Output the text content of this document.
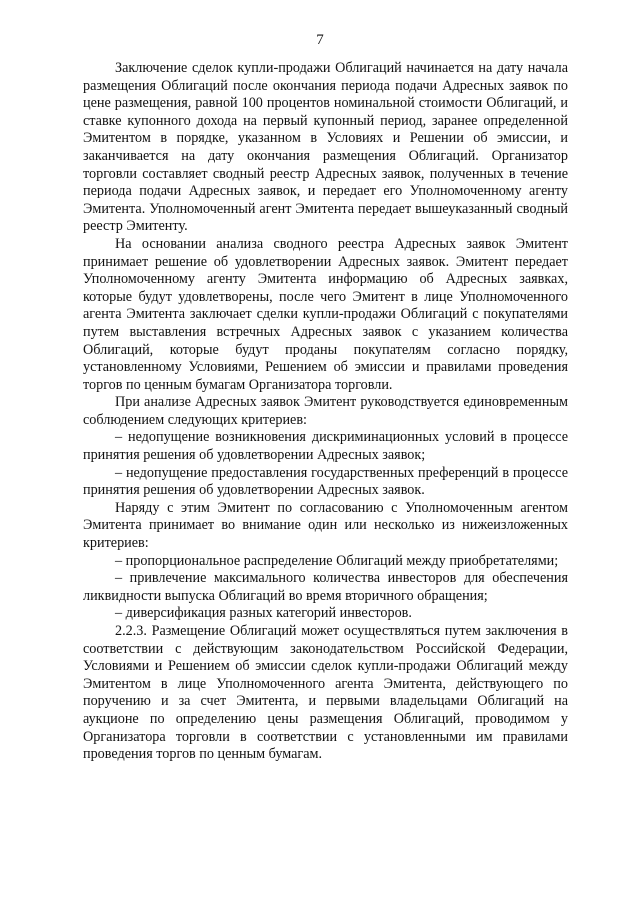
7

Заключение сделок купли-продажи Облигаций начинается на дату начала размещения Облигаций после окончания периода подачи Адресных заявок по цене размещения, равной 100 процентов номинальной стоимости Облигаций, и ставке купонного дохода на первый купонный период, заранее определенной Эмитентом в порядке, указанном в Условиях и Решении об эмиссии, и заканчивается на дату окончания размещения Облигаций. Организатор торговли составляет сводный реестр Адресных заявок, полученных в течение периода подачи Адресных заявок, и передает его Уполномоченному агенту Эмитента. Уполномоченный агент Эмитента передает вышеуказанный сводный реестр Эмитенту.

На основании анализа сводного реестра Адресных заявок Эмитент принимает решение об удовлетворении Адресных заявок. Эмитент передает Уполномоченному агенту Эмитента информацию об Адресных заявках, которые будут удовлетворены, после чего Эмитент в лице Уполномоченного агента Эмитента заключает сделки купли-продажи Облигаций с покупателями путем выставления встречных Адресных заявок с указанием количества Облигаций, которые будут проданы покупателям согласно порядку, установленному Условиями, Решением об эмиссии и правилами проведения торгов по ценным бумагам Организатора торговли.

При анализе Адресных заявок Эмитент руководствуется единовременным соблюдением следующих критериев:

– недопущение возникновения дискриминационных условий в процессе принятия решения об удовлетворении Адресных заявок;

– недопущение предоставления государственных преференций в процессе принятия решения об удовлетворении Адресных заявок.

Наряду с этим Эмитент по согласованию с Уполномоченным агентом Эмитента принимает во внимание один или несколько из нижеизложенных критериев:

– пропорциональное распределение Облигаций между приобретателями;

– привлечение максимального количества инвесторов для обеспечения ликвидности выпуска Облигаций во время вторичного обращения;

– диверсификация разных категорий инвесторов.

2.2.3. Размещение Облигаций может осуществляться путем заключения в соответствии с действующим законодательством Российской Федерации, Условиями и Решением об эмиссии сделок купли-продажи Облигаций между Эмитентом в лице Уполномоченного агента Эмитента, действующего по поручению и за счет Эмитента, и первыми владельцами Облигаций на аукционе по определению цены размещения Облигаций, проводимом у Организатора торговли в соответствии с установленными им правилами проведения торгов по ценным бумагам.
